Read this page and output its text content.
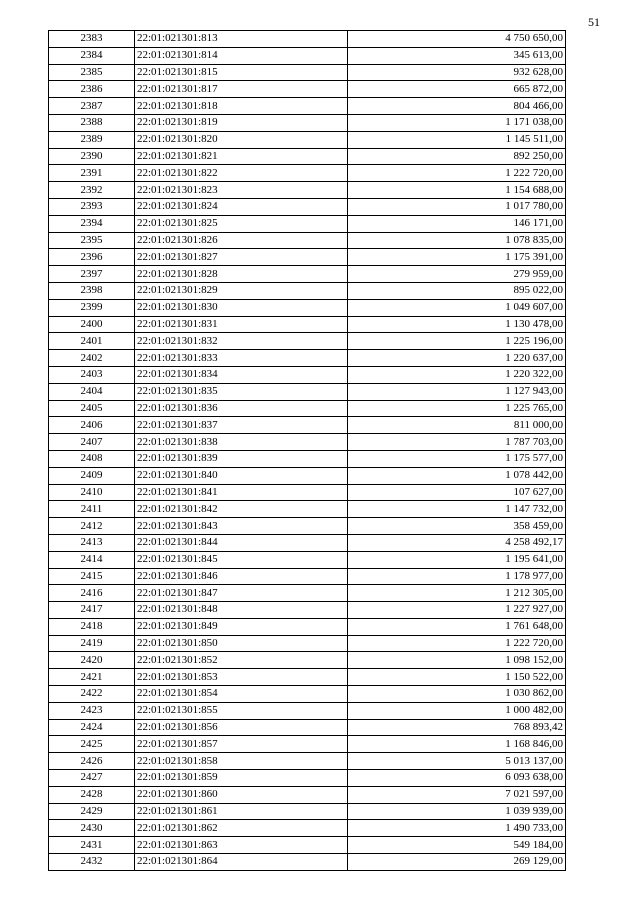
51
2383	22:01:021301:813	4 750 650,00
2384	22:01:021301:814	345 613,00
2385	22:01:021301:815	932 628,00
2386	22:01:021301:817	665 872,00
2387	22:01:021301:818	804 466,00
2388	22:01:021301:819	1 171 038,00
2389	22:01:021301:820	1 145 511,00
2390	22:01:021301:821	892 250,00
2391	22:01:021301:822	1 222 720,00
2392	22:01:021301:823	1 154 688,00
2393	22:01:021301:824	1 017 780,00
2394	22:01:021301:825	146 171,00
2395	22:01:021301:826	1 078 835,00
2396	22:01:021301:827	1 175 391,00
2397	22:01:021301:828	279 959,00
2398	22:01:021301:829	895 022,00
2399	22:01:021301:830	1 049 607,00
2400	22:01:021301:831	1 130 478,00
2401	22:01:021301:832	1 225 196,00
2402	22:01:021301:833	1 220 637,00
2403	22:01:021301:834	1 220 322,00
2404	22:01:021301:835	1 127 943,00
2405	22:01:021301:836	1 225 765,00
2406	22:01:021301:837	811 000,00
2407	22:01:021301:838	1 787 703,00
2408	22:01:021301:839	1 175 577,00
2409	22:01:021301:840	1 078 442,00
2410	22:01:021301:841	107 627,00
2411	22:01:021301:842	1 147 732,00
2412	22:01:021301:843	358 459,00
2413	22:01:021301:844	4 258 492,17
2414	22:01:021301:845	1 195 641,00
2415	22:01:021301:846	1 178 977,00
2416	22:01:021301:847	1 212 305,00
2417	22:01:021301:848	1 227 927,00
2418	22:01:021301:849	1 761 648,00
2419	22:01:021301:850	1 222 720,00
2420	22:01:021301:852	1 098 152,00
2421	22:01:021301:853	1 150 522,00
2422	22:01:021301:854	1 030 862,00
2423	22:01:021301:855	1 000 482,00
2424	22:01:021301:856	768 893,42
2425	22:01:021301:857	1 168 846,00
2426	22:01:021301:858	5 013 137,00
2427	22:01:021301:859	6 093 638,00
2428	22:01:021301:860	7 021 597,00
2429	22:01:021301:861	1 039 939,00
2430	22:01:021301:862	1 490 733,00
2431	22:01:021301:863	549 184,00
2432	22:01:021301:864	269 129,00
